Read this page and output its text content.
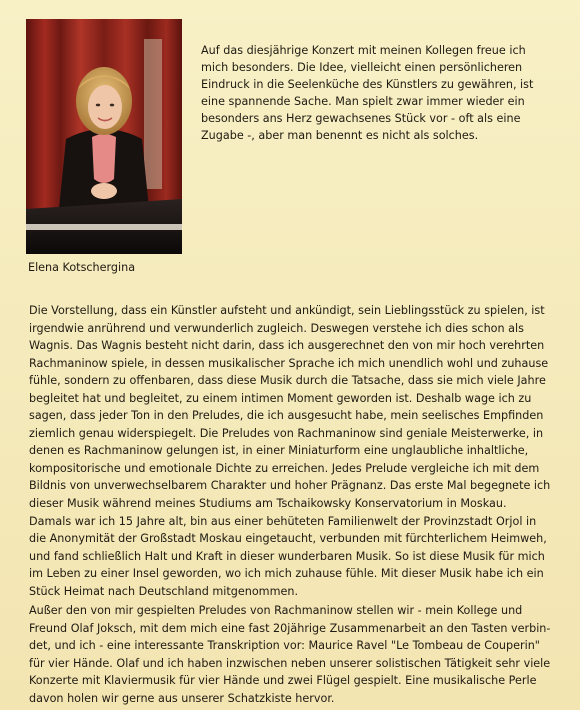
Elena Kotschergina
Auf das diesjährige Konzert mit meinen Kollegen freue ich
mich besonders. Die Idee, vielleicht einen persönlicheren
Eindruck in die Seelenküche des Künstlers zu gewähren, ist
eine spannende Sache. Man spielt zwar immer wieder ein
besonders ans Herz gewachsenes Stück vor - oft als eine
Zugabe -, aber man benennt es nicht als solches.
Die Vorstellung, dass ein Künstler aufsteht und ankündigt, sein Lieblingsstück zu spielen, ist
irgendwie anrührend und verwunderlich zugleich. Deswegen verstehe ich dies schon als
Wagnis. Das Wagnis besteht nicht darin, dass ich ausgerechnet den von mir hoch verehrten
Rachmaninow spiele, in dessen musikalischer Sprache ich mich unendlich wohl und zuhause
fühle, sondern zu offenbaren, dass diese Musik durch die Tatsache, dass sie mich viele Jahre
begleitet hat und begleitet, zu einem intimen Moment geworden ist. Deshalb wage ich zu
sagen, dass jeder Ton in den Preludes, die ich ausgesucht habe, mein seelisches Empfinden
ziemlich genau widerspiegelt. Die Preludes von Rachmaninow sind geniale Meisterwerke, in
denen es Rachmaninow gelungen ist, in einer Miniaturform eine unglaubliche inhaltliche,
kompositorische und emotionale Dichte zu erreichen. Jedes Prelude vergleiche ich mit dem
Bildnis von unverwechselbarem Charakter und hoher Prägnanz. Das erste Mal begegnete ich
dieser Musik während meines Studiums am Tschaikowsky Konservatorium in Moskau.
Damals war ich 15 Jahre alt, bin aus einer behüteten Familienwelt der Provinzstadt Orjol in
die Anonymität der Großstadt Moskau eingetaucht, verbunden mit fürchterlichem Heimweh,
und fand schließlich Halt und Kraft in dieser wunderbaren Musik. So ist diese Musik für mich
im Leben zu einer Insel geworden, wo ich mich zuhause fühle. Mit dieser Musik habe ich ein
Stück Heimat nach Deutschland mitgenommen.
Außer den von mir gespielten Preludes von Rachmaninow stellen wir - mein Kollege und
Freund Olaf Joksch, mit dem mich eine fast 20jährige Zusammenarbeit an den Tasten verbin-
det, und ich - eine interessante Transkription vor: Maurice Ravel "Le Tombeau de Couperin"
für vier Hände. Olaf und ich haben inzwischen neben unserer solistischen Tätigkeit sehr viele
Konzerte mit Klaviermusik für vier Hände und zwei Flügel gespielt. Eine musikalische Perle
davon holen wir gerne aus unserer Schatzkiste hervor.
